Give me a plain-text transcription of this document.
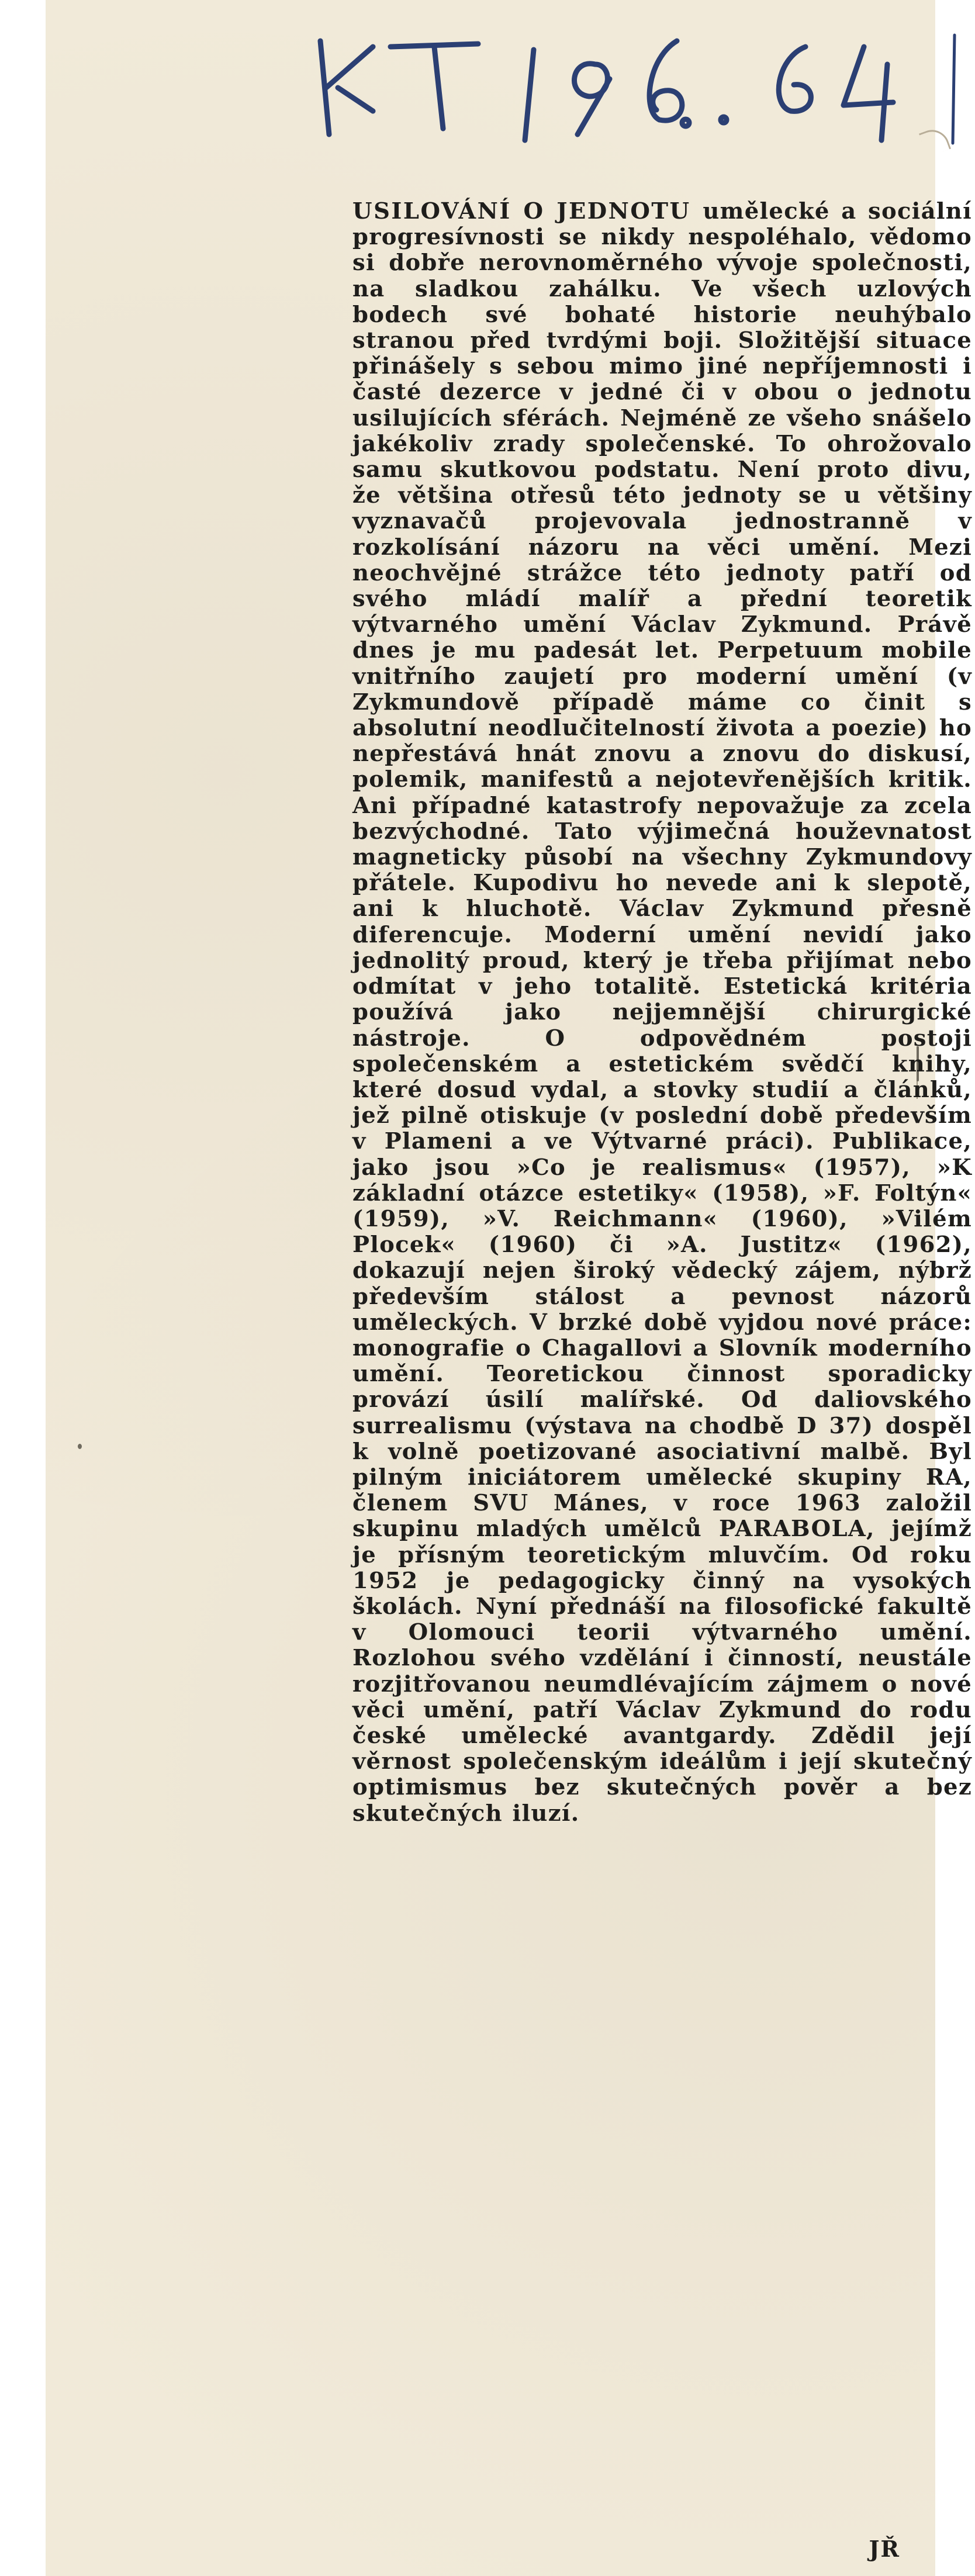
USILOVÁNÍ O JEDNOTU umělecké a sociální progresívnosti se nikdy nespoléhalo, vědomo si dobře nerovnoměrného vývoje společnosti, na sladkou zahálku. Ve všech uzlových bodech své bohaté historie neuhýbalo stranou před tvrdými boji. Složitější situace přinášely s sebou mimo jiné nepříjemnosti i časté dezerce v jedné či v obou o jednotu usilujících sférách. Nejméně ze všeho snášelo jakékoliv zrady společenské. To ohrožovalo samu skutkovou podstatu. Není proto divu, že většina otřesů této jednoty se u většiny vyznavačů projevovala jednostranně v rozkolísání názoru na věci umění. Mezi neochvějné strážce této jednoty patří od svého mládí malíř a přední teoretik výtvarného umění Václav Zykmund. Právě dnes je mu padesát let. Perpetuum mobile vnitřního zaujetí pro moderní umění (v Zykmundově případě máme co činit s absolutní neodlučitelností života a poezie) ho nepřestává hnát znovu a znovu do diskusí, polemik, manifestů a nejotevřenějších kritik. Ani případné katastrofy nepovažuje za zcela bezvýchodné. Tato výjimečná houževnatost magneticky působí na všechny Zykmundovy přátele. Kupodivu ho nevede ani k slepotě, ani k hluchotě. Václav Zykmund přesně diferencuje. Moderní umění nevidí jako jednolitý proud, který je třeba přijímat nebo odmítat v jeho totalitě. Estetická kritéria používá jako nejjemnější chirurgické nástroje. O odpovědném postoji společenském a estetickém svědčí knihy, které dosud vydal, a stovky studií a článků, jež pilně otiskuje (v poslední době především v Plameni a ve Výtvarné práci). Publikace, jako jsou »Co je realismus« (1957), »K základní otázce estetiky« (1958), »F. Foltýn« (1959), »V. Reichmann« (1960), »Vilém Plocek« (1960) či »A. Justitz« (1962), dokazují nejen široký vědecký zájem, nýbrž především stálost a pevnost názorů uměleckých. V brzké době vyjdou nové práce: monografie o Chagallovi a Slovník moderního umění. Teoretickou činnost sporadicky provází úsilí malířské. Od daliovského surrealismu (výstava na chodbě D 37) dospěl k volně poetizované asociativní malbě. Byl pilným iniciátorem umělecké skupiny RA, členem SVU Mánes, v roce 1963 založil skupinu mladých umělců PARABOLA, jejímž je přísným teoretickým mluvčím. Od roku 1952 je pedagogicky činný na vysokých školách. Nyní přednáší na filosofické fakultě v Olomouci teorii výtvarného umění. Rozlohou svého vzdělání i činností, neustále rozjitřovanou neumdlévajícím zájmem o nové věci umění, patří Václav Zykmund do rodu české umělecké avantgardy. Zdědil její věrnost společenským ideálům i její skutečný optimismus bez skutečných pověr a bez skutečných iluzí.
JŘ
